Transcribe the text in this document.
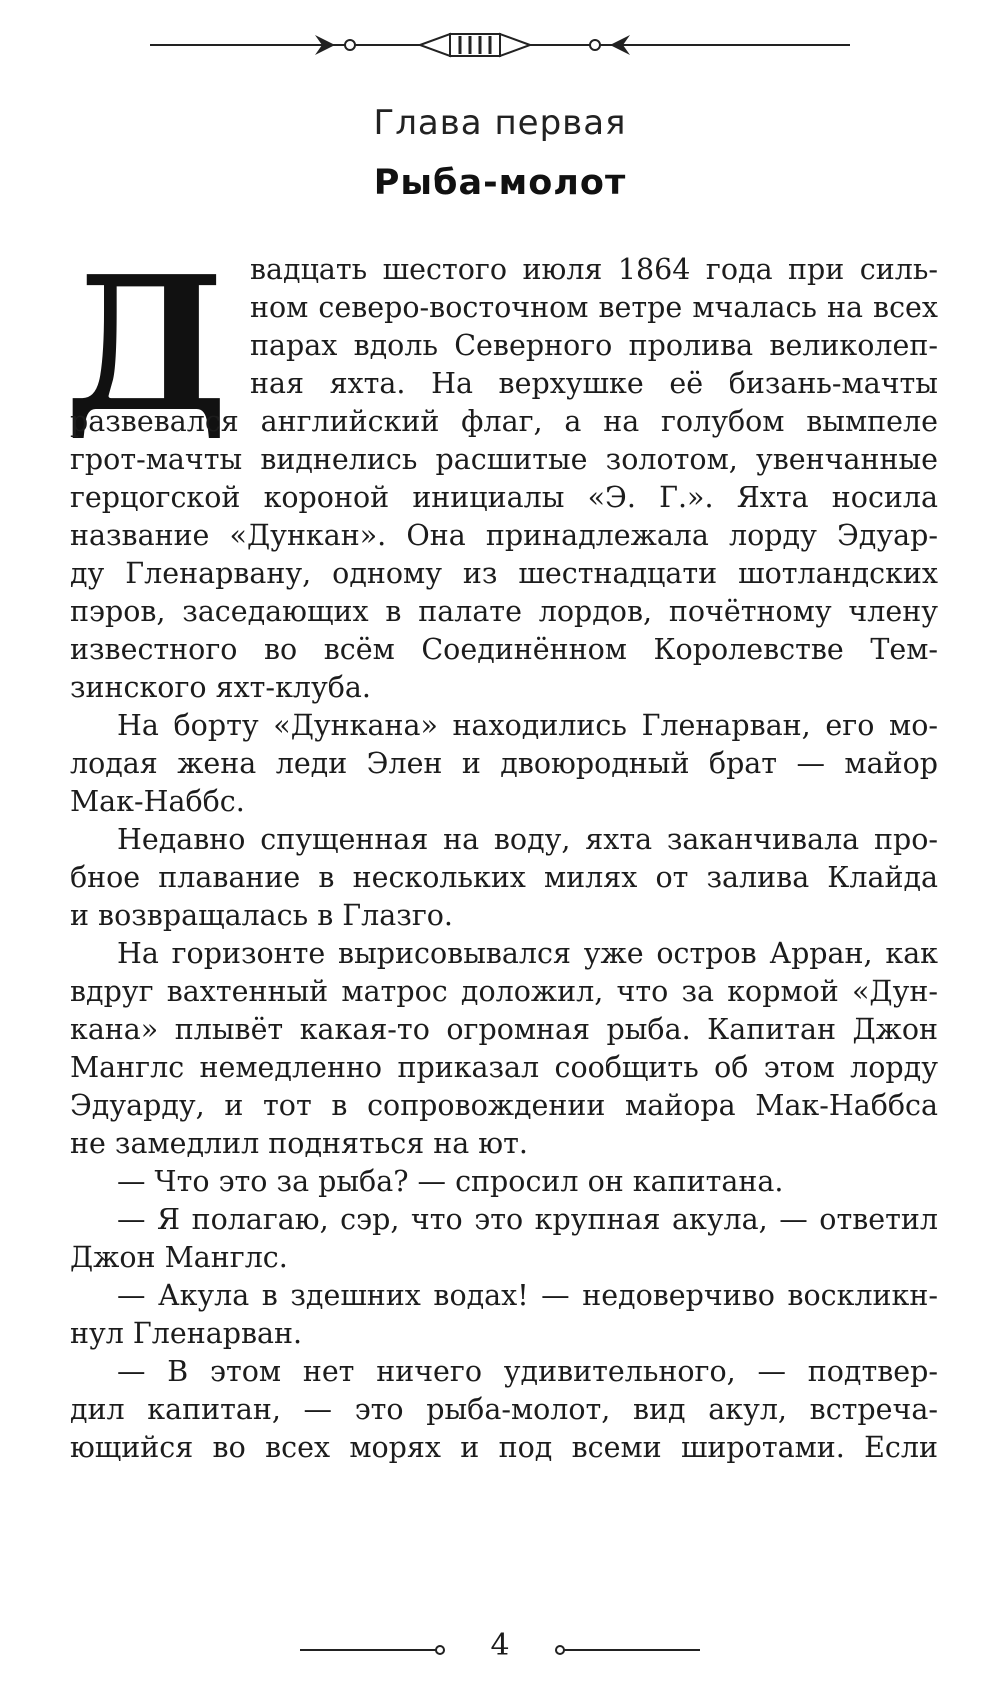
Глава первая
Рыба-молот
Д вадцать шестого июля 1864 года при силь-
ном северо-восточном ветре мчалась на всех
парах вдоль Северного пролива великолеп-
ная яхта. На верхушке её бизань-мачты
развевался английский флаг, а на голубом вымпеле
грот-мачты виднелись расшитые золотом, увенчанные
герцогской короной инициалы «Э. Г.». Яхта носила
название «Дункан». Она принадлежала лорду Эдуар-
ду Гленарвану, одному из шестнадцати шотландских
пэров, заседающих в палате лордов, почётному члену
известного во всём Соединённом Королевстве Тем-
зинского яхт-клуба.
На борту «Дункана» находились Гленарван, его мо-
лодая жена леди Элен и двоюродный брат — майор
Мак-Наббс.
Недавно спущенная на воду, яхта заканчивала про-
бное плавание в нескольких милях от залива Клайда
и возвращалась в Глазго.
На горизонте вырисовывался уже остров Арран, как
вдруг вахтенный матрос доложил, что за кормой «Дун-
кана» плывёт какая-то огромная рыба. Капитан Джон
Манглс немедленно приказал сообщить об этом лорду
Эдуарду, и тот в сопровождении майора Мак-Наббса
не замедлил подняться на ют.
— Что это за рыба? — спросил он капитана.
— Я полагаю, сэр, что это крупная акула, — ответил
Джон Манглс.
— Акула в здешних водах! — недоверчиво воскликн-
нул Гленарван.
— В этом нет ничего удивительного, — подтвер-
дил капитан, — это рыба-молот, вид акул, встреча-
ющийся во всех морях и под всеми широтами. Если
4
